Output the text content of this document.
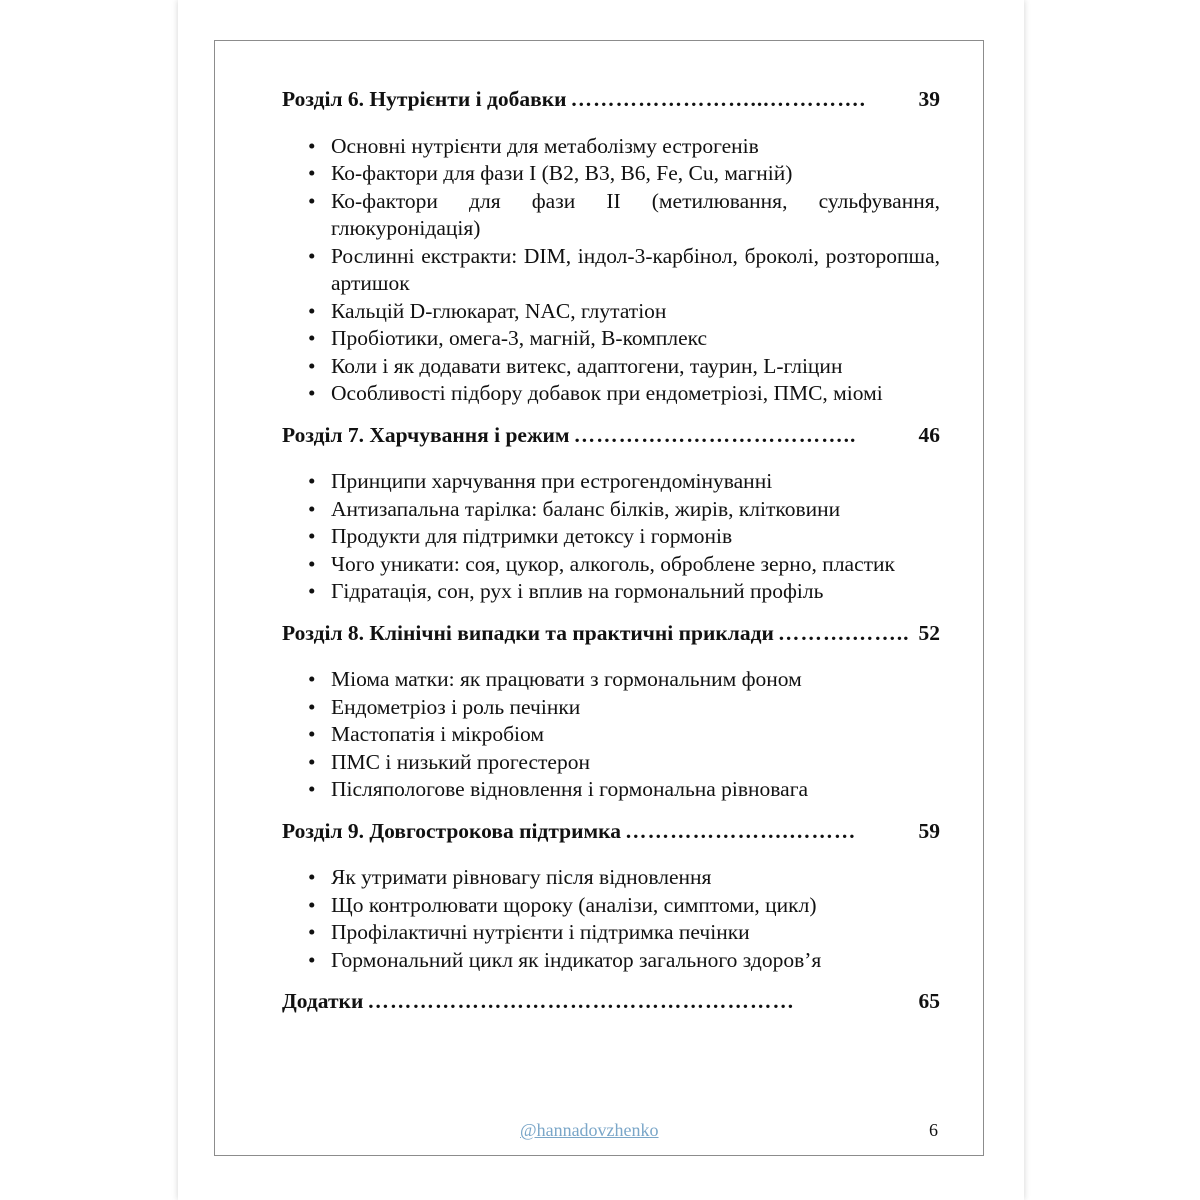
Розділ 6. Нутрієнти і добавки ……………………...………….	39

• Основні нутрієнти для метаболізму естрогенів
• Ко-фактори для фази I (B2, B3, B6, Fe, Cu, магній)
• Ко-фактори для фази II (метилювання, сульфування, глюкуронідація)
• Рослинні екстракти: DIM, індол-3-карбінол, броколі, розторопша, артишок
• Кальцій D-глюкарат, NAC, глутатіон
• Пробіотики, омега-3, магній, B-комплекс
• Коли і як додавати витекс, адаптогени, таурин, L-гліцин
• Особливості підбору добавок при ендометріозі, ПМС, міомі

Розділ 7. Харчування і режим ………………………………..	46

• Принципи харчування при естрогендомінуванні
• Антизапальна тарілка: баланс білків, жирів, клітковини
• Продукти для підтримки детоксу і гормонів
• Чого уникати: соя, цукор, алкоголь, оброблене зерно, пластик
• Гідратація, сон, рух і вплив на гормональний профіль

Розділ 8. Клінічні випадки та практичні приклади ……….…….. 52

• Міома матки: як працювати з гормональним фоном
• Ендометріоз і роль печінки
• Мастопатія і мікробіом
• ПМС і низький прогестерон
• Післяпологове відновлення і гормональна рівновага

Розділ 9. Довгострокова підтримка ………………….………	59

• Як утримати рівновагу після відновлення
• Що контролювати щороку (аналізи, симптоми, цикл)
• Профілактичні нутрієнти і підтримка печінки
• Гормональний цикл як індикатор загального здоров’я

Додатки …………………………………………………	65

@hannadovzhenko	6
